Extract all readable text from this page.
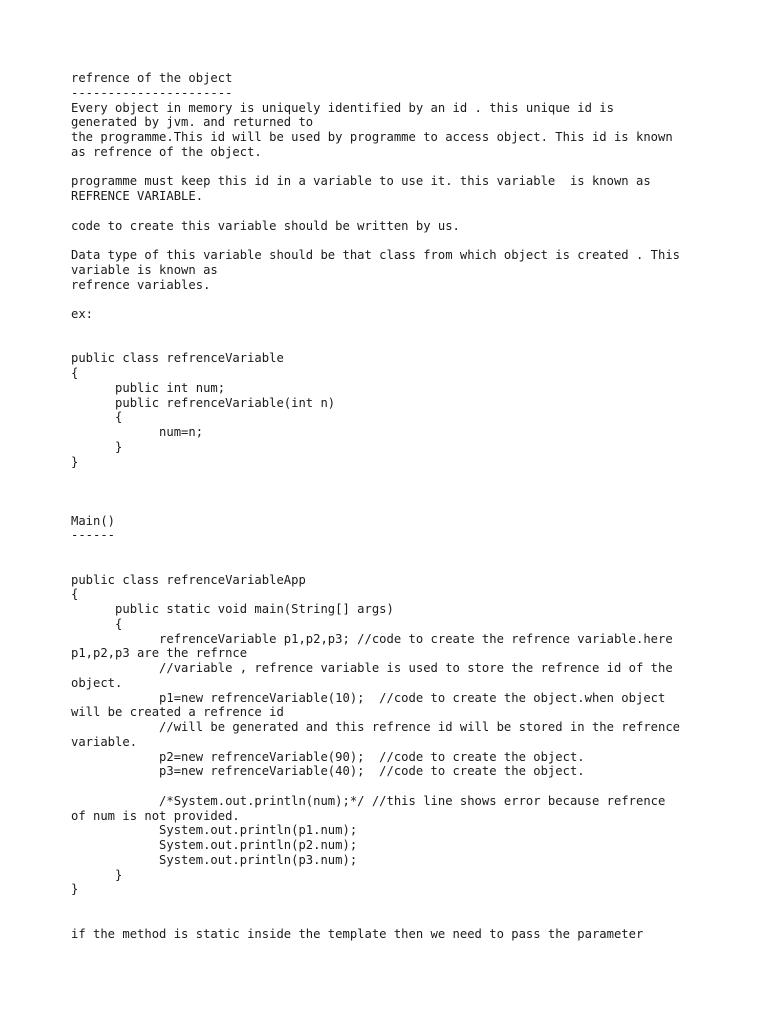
refrence of the object
----------------------
Every object in memory is uniquely identified by an id . this unique id is
generated by jvm. and returned to
the programme.This id will be used by programme to access object. This id is known
as refrence of the object.
programme must keep this id in a variable to use it. this variable  is known as
REFRENCE VARIABLE.
code to create this variable should be written by us.
Data type of this variable should be that class from which object is created . This
variable is known as
refrence variables.
ex:
public class refrenceVariable
{
public int num;
public refrenceVariable(int n)
{
num=n;
}
}
Main()
------
public class refrenceVariableApp
{
public static void main(String[] args)
{
refrenceVariable p1,p2,p3; //code to create the refrence variable.here
p1,p2,p3 are the refrnce
//variable , refrence variable is used to store the refrence id of the
object.
p1=new refrenceVariable(10);  //code to create the object.when object
will be created a refrence id
//will be generated and this refrence id will be stored in the refrence
variable.
p2=new refrenceVariable(90);  //code to create the object.
p3=new refrenceVariable(40);  //code to create the object.
/*System.out.println(num);*/ //this line shows error because refrence
of num is not provided.
System.out.println(p1.num);
System.out.println(p2.num);
System.out.println(p3.num);
}
}
if the method is static inside the template then we need to pass the parameter
